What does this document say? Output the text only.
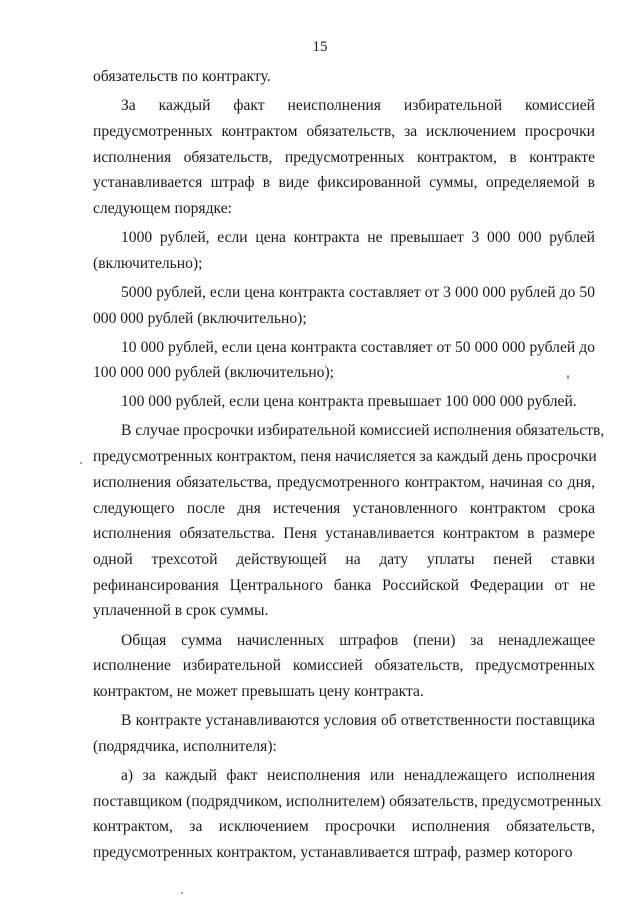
15

обязательств по контракту.

За каждый факт неисполнения избирательной комиссией
предусмотренных контрактом обязательств, за исключением просрочки
исполнения обязательств, предусмотренных контрактом, в контракте
устанавливается штраф в виде фиксированной суммы, определяемой в
следующем порядке:

1000 рублей, если цена контракта не превышает 3 000 000 рублей
(включительно);

5000 рублей, если цена контракта составляет от 3 000 000 рублей до 50
000 000 рублей (включительно);

10 000 рублей, если цена контракта составляет от 50 000 000 рублей до
100 000 000 рублей (включительно);

100 000 рублей, если цена контракта превышает 100 000 000 рублей.

В случае просрочки избирательной комиссией исполнения обязательств,
предусмотренных контрактом, пеня начисляется за каждый день просрочки
исполнения обязательства, предусмотренного контрактом, начиная со дня,
следующего после дня истечения установленного контрактом срока
исполнения обязательства. Пеня устанавливается контрактом в размере
одной трехсотой действующей на дату уплаты пеней ставки
рефинансирования Центрального банка Российской Федерации от не
уплаченной в срок суммы.

Общая сумма начисленных штрафов (пени) за ненадлежащее
исполнение избирательной комиссией обязательств, предусмотренных
контрактом, не может превышать цену контракта.

В контракте устанавливаются условия об ответственности поставщика
(подрядчика, исполнителя):

а) за каждый факт неисполнения или ненадлежащего исполнения
поставщиком (подрядчиком, исполнителем) обязательств, предусмотренных
контрактом, за исключением просрочки исполнения обязательств,
предусмотренных контрактом, устанавливается штраф, размер которого
